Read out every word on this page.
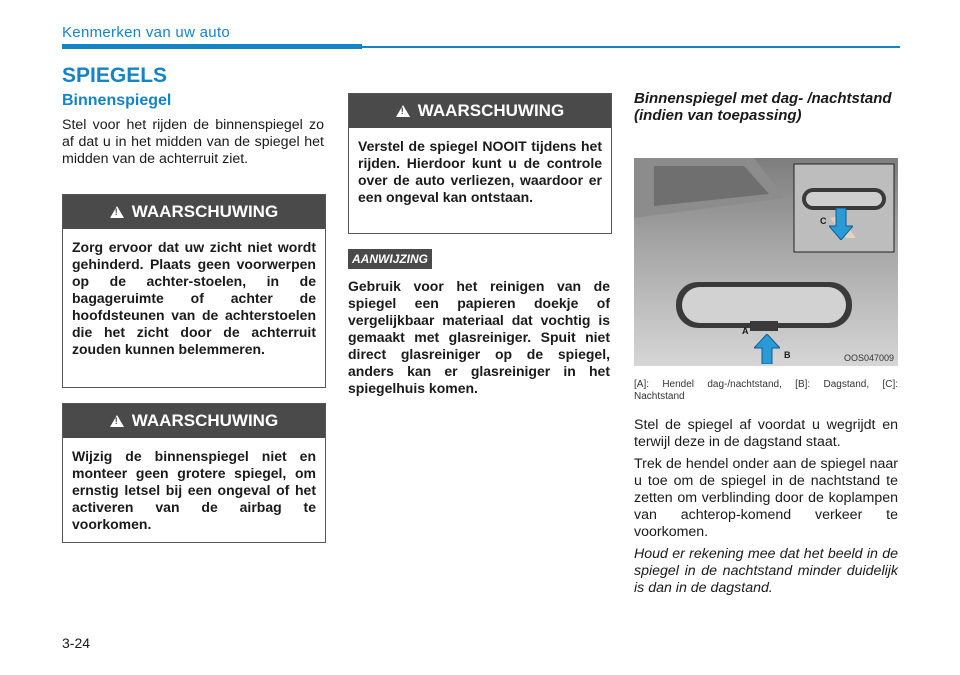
Kenmerken van uw auto
SPIEGELS
Binnenspiegel
Stel voor het rijden de binnenspiegel zo af dat u in het midden van de spiegel het midden van de achterruit ziet.
!
WAARSCHUWING
Zorg ervoor dat uw zicht niet wordt gehinderd. Plaats geen voorwerpen op de achter-stoelen, in de bagageruimte of achter de hoofdsteunen van de achterstoelen die het zicht door de achterruit zouden kunnen belemmeren.
!
WAARSCHUWING
Wijzig de binnenspiegel niet en monteer geen grotere spiegel, om ernstig letsel bij een ongeval of het activeren van de airbag te voorkomen.
!
WAARSCHUWING
Verstel de spiegel NOOIT tijdens het rijden. Hierdoor kunt u de controle over de auto verliezen, waardoor er een ongeval kan ontstaan.
AANWIJZING
Gebruik voor het reinigen van de spiegel een papieren doekje of vergelijkbaar materiaal dat vochtig is gemaakt met glasreiniger. Spuit niet direct glasreiniger op de spiegel, anders kan er glasreiniger in het spiegelhuis komen.
Binnenspiegel met dag- /nachtstand (indien van toepassing)
C
A
B	OOS047009
[A]: Hendel dag-/nachtstand, [B]: Dagstand, [C]: Nachtstand
Stel de spiegel af voordat u wegrijdt en terwijl deze in de dagstand staat.
Trek de hendel onder aan de spiegel naar u toe om de spiegel in de nachtstand te zetten om verblinding door de koplampen van achterop-komend verkeer te voorkomen.
Houd er rekening mee dat het beeld in de spiegel in de nachtstand minder duidelijk is dan in de dagstand.
3-24
